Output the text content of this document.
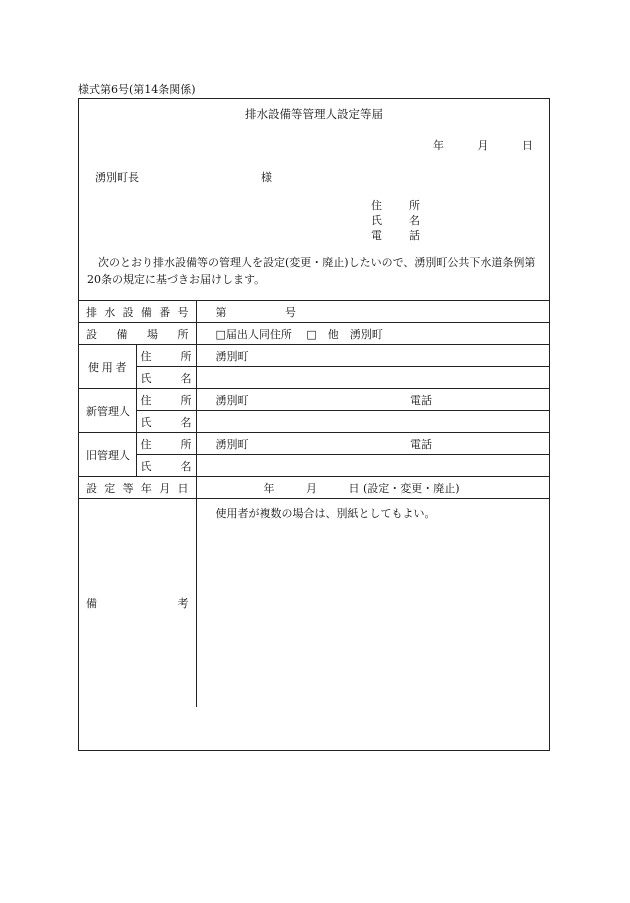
様式第6号(第14条関係)
排水設備等管理人設定等届
年	月	日
湧別町長	様
住　所
氏　名
電　話
次のとおり排水設備等の管理人を設定(変更・廃止)したいので、湧別町公共下水道条例第20条の規定に基づきお届けします。
排水設備番号		第 号

設備場所		□届出人同住所　 □　他　湧別町

使用者	住所	湧別町

	氏名	

新管理人	住所	湧別町 電話

	氏名	

旧管理人	住所	湧別町 電話

	氏名	

設定等年月日		年 月 日 (設定・変更・廃止)

備 考		使用者が複数の場合は、別紙としてもよい。
